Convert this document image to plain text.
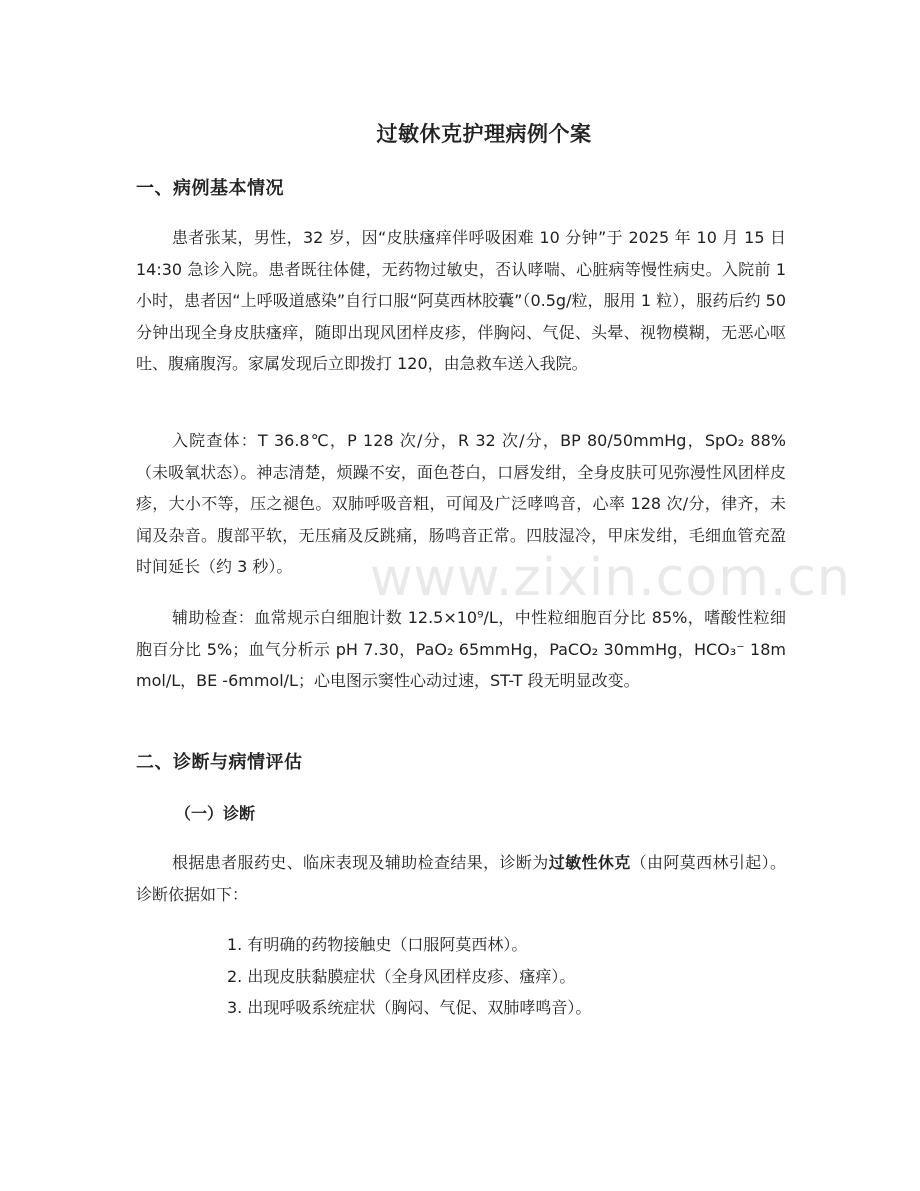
www.zixin.com.cn
过敏休克护理病例个案
一、病例基本情况
患者张某，男性，32 岁，因“皮肤瘙痒伴呼吸困难 10 分钟”于 2025 年 10 月 15 日 14:30 急诊入院。患者既往体健，无药物过敏史，否认哮喘、心脏病等慢性病史。入院前 1 小时，患者因“上呼吸道感染”自行口服“阿莫西林胶囊”（0.5g/粒，服用 1 粒），服药后约 50 分钟出现全身皮肤瘙痒，随即出现风团样皮疹，伴胸闷、气促、头晕、视物模糊，无恶心呕吐、腹痛腹泻。家属发现后立即拨打 120，由急救车送入我院。
入院查体：T 36.8℃，P 128 次/分，R 32 次/分，BP 80/50mmHg，SpO₂ 88%（未吸氧状态）。神志清楚，烦躁不安，面色苍白，口唇发绀，全身皮肤可见弥漫性风团样皮疹，大小不等，压之褪色。双肺呼吸音粗，可闻及广泛哮鸣音，心率 128 次/分，律齐，未闻及杂音。腹部平软，无压痛及反跳痛，肠鸣音正常。四肢湿冷，甲床发绀，毛细血管充盈时间延长（约 3 秒）。
辅助检查：血常规示白细胞计数 12.5×10⁹/L，中性粒细胞百分比 85%，嗜酸性粒细胞百分比 5%；血气分析示 pH 7.30，PaO₂ 65mmHg，PaCO₂ 30mmHg，HCO₃⁻ 18mmol/L，BE -6mmol/L；心电图示窦性心动过速，ST-T 段无明显改变。
二、诊断与病情评估
（一）诊断
根据患者服药史、临床表现及辅助检查结果，诊断为过敏性休克（由阿莫西林引起）。诊断依据如下：
1. 有明确的药物接触史（口服阿莫西林）。
2. 出现皮肤黏膜症状（全身风团样皮疹、瘙痒）。
3. 出现呼吸系统症状（胸闷、气促、双肺哮鸣音）。
